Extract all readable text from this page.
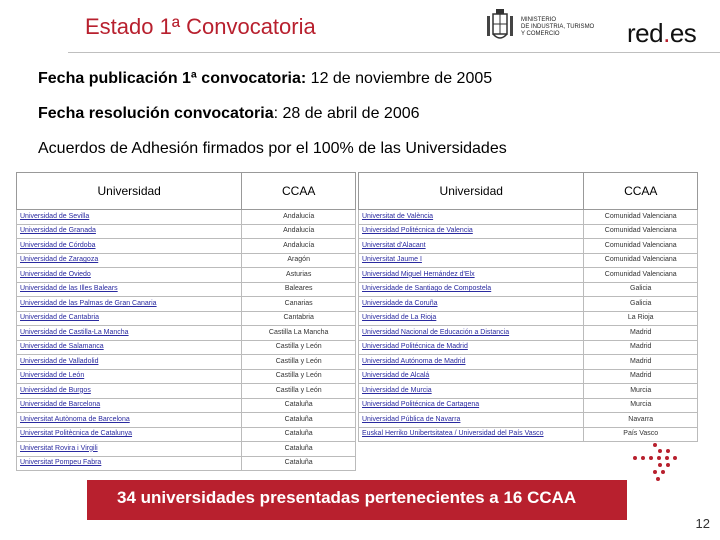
Estado 1ª Convocatoria	MINISTERIO
DE INDUSTRIA, TURISMO
Y COMERCIO	red.es
Fecha publicación 1ª convocatoria: 12 de noviembre de 2005
Fecha resolución convocatoria: 28 de abril de 2006
Acuerdos de Adhesión firmados por el 100% de las Universidades
Universidad	CCAA
Universidad de Sevilla	Andalucía
Universidad de Granada	Andalucía
Universidad de Córdoba	Andalucía
Universidad de Zaragoza	Aragón
Universidad de Oviedo	Asturias
Universidad de las Illes Balears	Baleares
Universidad de las Palmas de Gran Canaria	Canarias
Universidad de Cantabria	Cantabria
Universidad de Castilla-La Mancha	Castilla La Mancha
Universidad de Salamanca	Castilla y León
Universidad de Valladolid	Castilla y León
Universidad de León	Castilla y León
Universidad de Burgos	Castilla y León
Universidad de Barcelona	Cataluña
Universitat Autònoma de Barcelona	Cataluña
Universitat Politècnica de Catalunya	Cataluña
Universitat Rovira i Virgili	Cataluña
Universitat Pompeu Fabra	Cataluña
Universidad	CCAA
Universitat de València	Comunidad Valenciana
Universidad Politécnica de Valencia	Comunidad Valenciana
Universitat d'Alacant	Comunidad Valenciana
Universitat Jaume I	Comunidad Valenciana
Universidad Miguel Hernández d'Elx	Comunidad Valenciana
Universidade de Santiago de Compostela	Galicia
Universidade da Coruña	Galicia
Universidad de La Rioja	La Rioja
Universidad Nacional de Educación a Distancia	Madrid
Universidad Politécnica de Madrid	Madrid
Universidad Autónoma de Madrid	Madrid
Universidad de Alcalá	Madrid
Universidad de Murcia	Murcia
Universidad Politécnica de Cartagena	Murcia
Universidad Pública de Navarra	Navarra
Euskal Herriko Unibertsitatea / Universidad del País Vasco	País Vasco
34 universidades presentadas pertenecientes a 16 CCAA
12
